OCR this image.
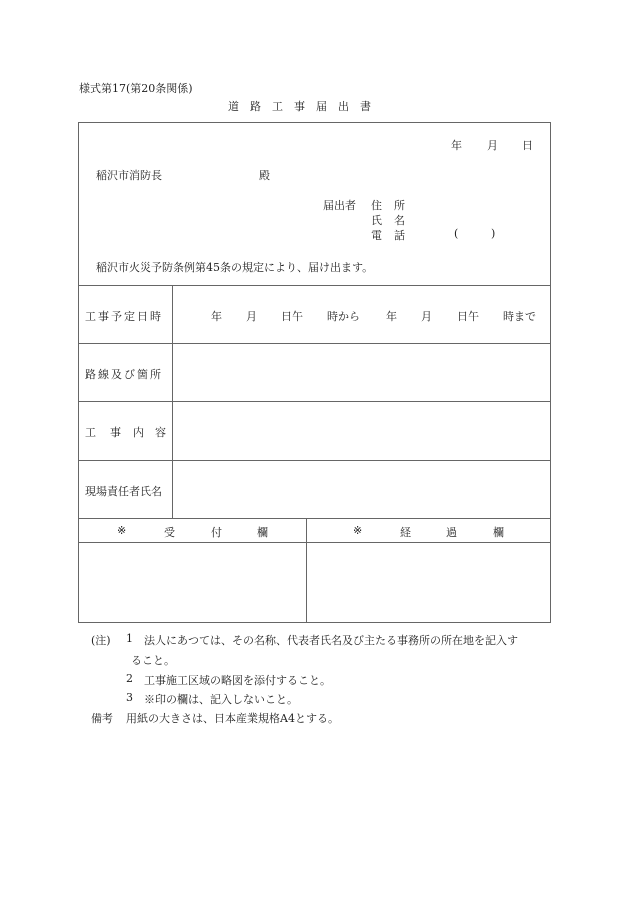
様式第17(第20条関係)
道 路 工 事 届 出 書
年 月 日
稲沢市消防長	殿
届出者 住 所
氏 名
電 話	(	)
稲沢市火災予防条例第45条の規定により、届け出ます。
工事予定日時	年 月 日午 時から 年 月 日午 時まで
路線及び箇所
工 事 内 容
現場責任者氏名
※	受	付	欄	※	経	過	欄
(注) 1 法人にあつては、その名称、代表者氏名及び主たる事務所の所在地を記入す
ること。
2 工事施工区域の略図を添付すること。
3 ※印の欄は、記入しないこと。
備考 用紙の大きさは、日本産業規格A4とする。
